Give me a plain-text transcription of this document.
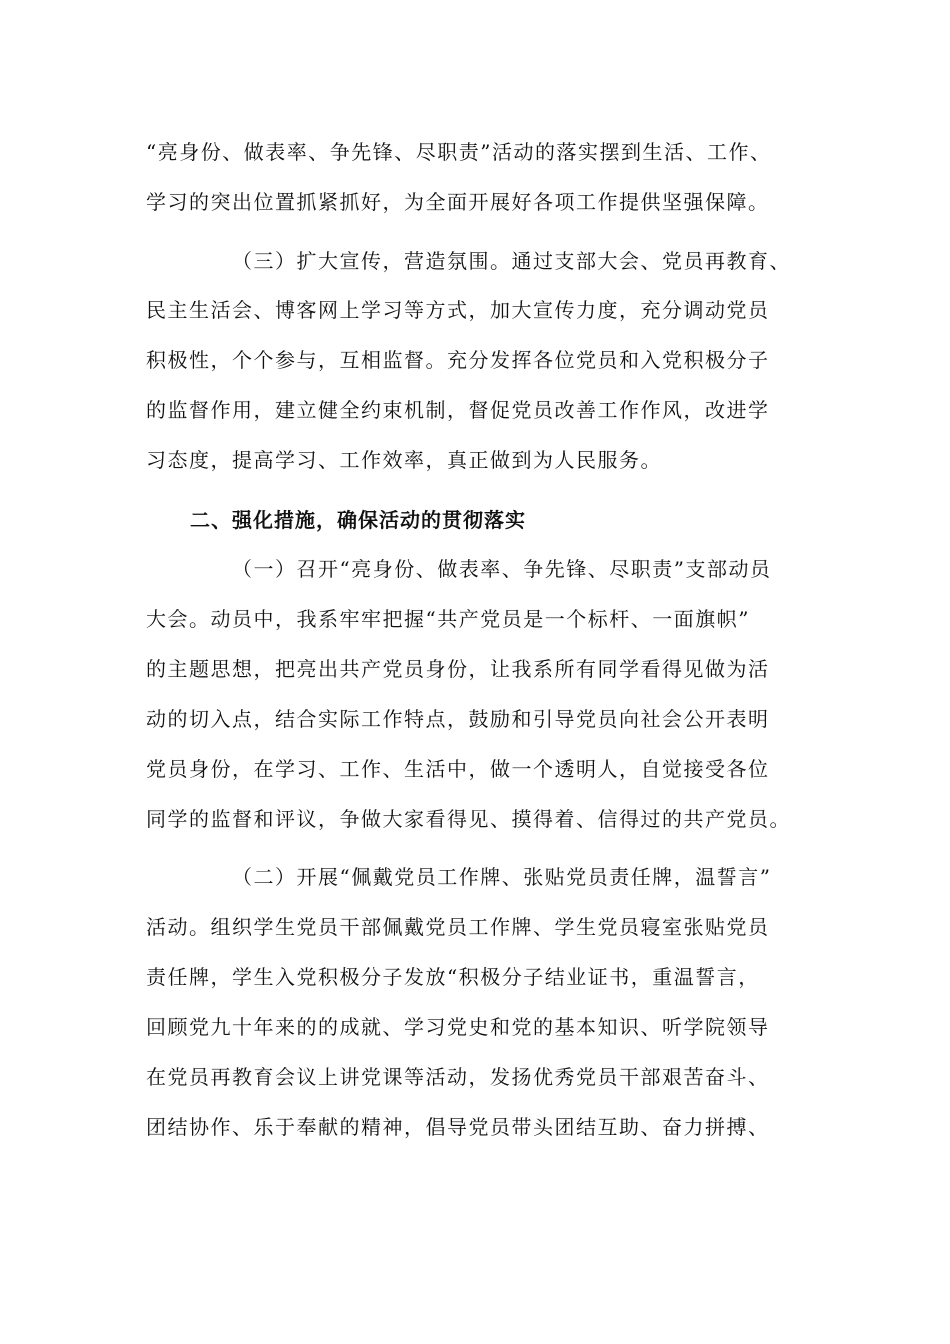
“亮身份、做表率、争先锋、尽职责”活动的落实摆到生活、工作、
学习的突出位置抓紧抓好，为全面开展好各项工作提供坚强保障。
（三）扩大宣传，营造氛围。通过支部大会、党员再教育、
民主生活会、博客网上学习等方式，加大宣传力度，充分调动党员
积极性，个个参与，互相监督。充分发挥各位党员和入党积极分子
的监督作用，建立健全约束机制，督促党员改善工作作风，改进学
习态度，提高学习、工作效率，真正做到为人民服务。
二、强化措施，确保活动的贯彻落实
（一）召开“亮身份、做表率、争先锋、尽职责”支部动员
大会。动员中，我系牢牢把握“共产党员是一个标杆、一面旗帜”
的主题思想，把亮出共产党员身份，让我系所有同学看得见做为活
动的切入点，结合实际工作特点，鼓励和引导党员向社会公开表明
党员身份，在学习、工作、生活中，做一个透明人，自觉接受各位
同学的监督和评议，争做大家看得见、摸得着、信得过的共产党员。
（二）开展“佩戴党员工作牌、张贴党员责任牌，温誓言”
活动。组织学生党员干部佩戴党员工作牌、学生党员寝室张贴党员
责任牌，学生入党积极分子发放“积极分子结业证书，重温誓言，
回顾党九十年来的的成就、学习党史和党的基本知识、听学院领导
在党员再教育会议上讲党课等活动，发扬优秀党员干部艰苦奋斗、
团结协作、乐于奉献的精神，倡导党员带头团结互助、奋力拼搏、
